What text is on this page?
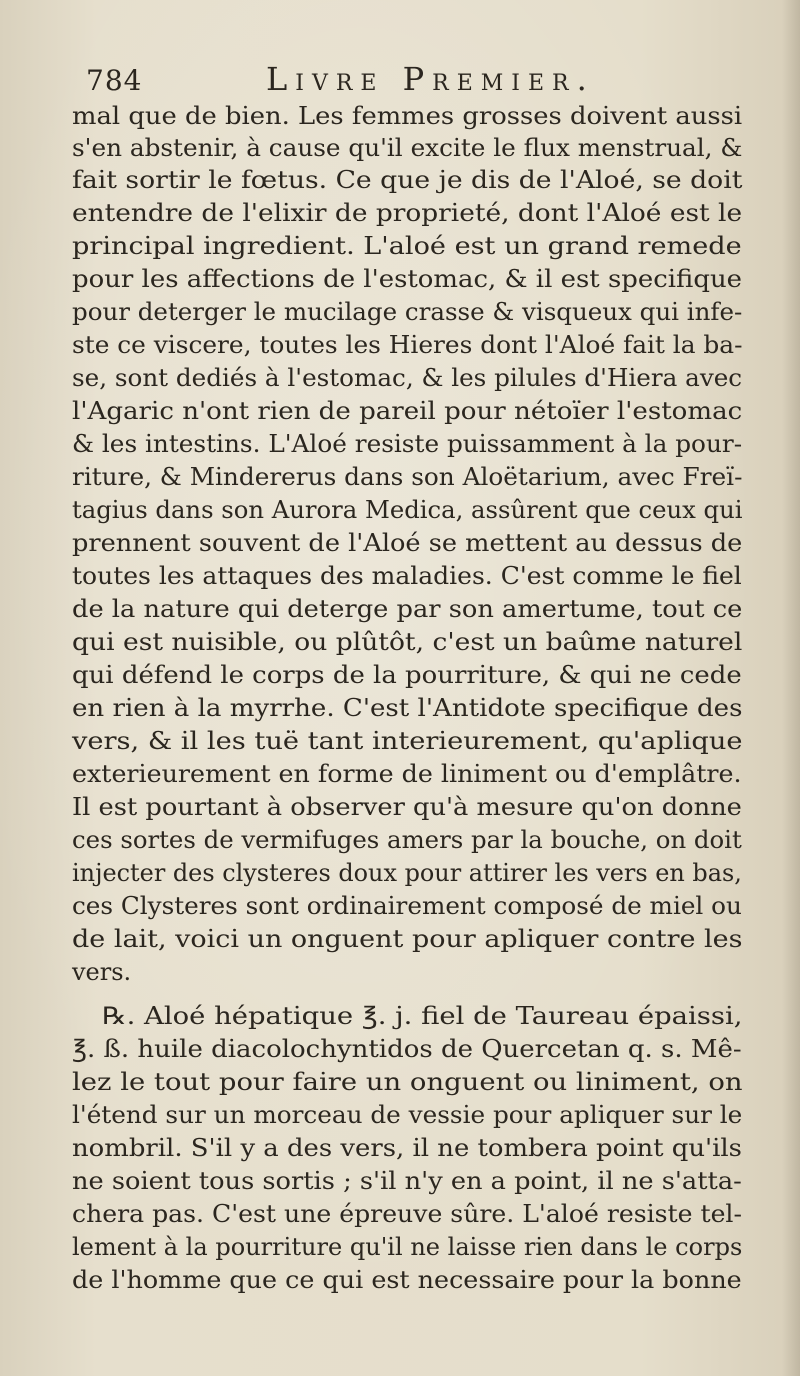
784	Livre Premier.
mal que de bien. Les femmes grosses doivent aussi
s'en abstenir, à cause qu'il excite le flux menstrual, &
fait sortir le fœtus. Ce que je dis de l'Aloé, se doit
entendre de l'elixir de proprieté, dont l'Aloé est le
principal ingredient. L'aloé est un grand remede
pour les affections de l'estomac, & il est specifique
pour deterger le mucilage crasse & visqueux qui infe-
ste ce viscere, toutes les Hieres dont l'Aloé fait la ba-
se, sont dediés à l'estomac, & les pilules d'Hiera avec
l'Agaric n'ont rien de pareil pour nétoïer l'estomac
& les intestins. L'Aloé resiste puissamment à la pour-
riture, & Mindererus dans son Aloëtarium, avec Freï-
tagius dans son Aurora Medica, assûrent que ceux qui
prennent souvent de l'Aloé se mettent au dessus de
toutes les attaques des maladies. C'est comme le fiel
de la nature qui deterge par son amertume, tout ce
qui est nuisible, ou plûtôt, c'est un baûme naturel
qui défend le corps de la pourriture, & qui ne cede
en rien à la myrrhe. C'est l'Antidote specifique des
vers, & il les tuë tant interieurement, qu'aplique
exterieurement en forme de liniment ou d'emplâtre.
Il est pourtant à observer qu'à mesure qu'on donne
ces sortes de vermifuges amers par la bouche, on doit
injecter des clysteres doux pour attirer les vers en bas,
ces Clysteres sont ordinairement composé de miel ou
de lait, voici un onguent pour apliquer contre les
vers.
℞. Aloé hépatique ℥. j. fiel de Taureau épaissi,
℥. ß. huile diacolochyntidos de Quercetan q. s. Mê-
lez le tout pour faire un onguent ou liniment, on
l'étend sur un morceau de vessie pour apliquer sur le
nombril. S'il y a des vers, il ne tombera point qu'ils
ne soient tous sortis ; s'il n'y en a point, il ne s'atta-
chera pas. C'est une épreuve sûre. L'aloé resiste tel-
lement à la pourriture qu'il ne laisse rien dans le corps
de l'homme que ce qui est necessaire pour la bonne
